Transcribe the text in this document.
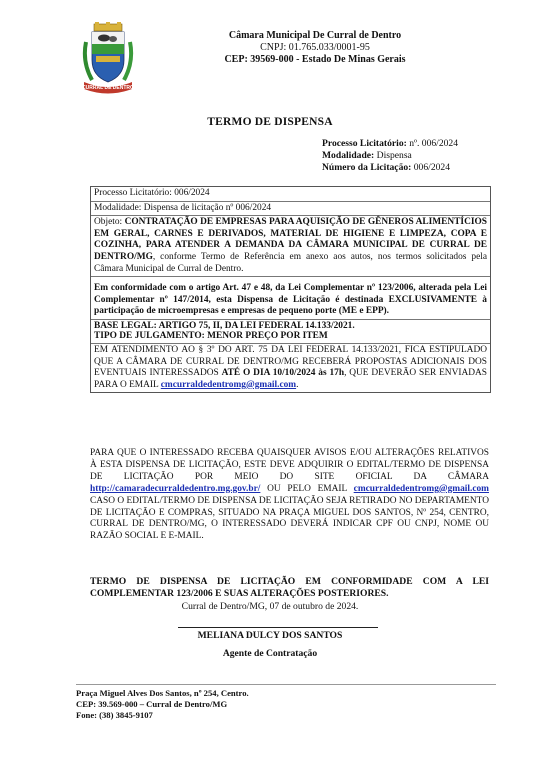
CURRAL DE DENTRO
Câmara Municipal De Curral de Dentro
CNPJ: 01.765.033/0001-95
CEP: 39569-000 - Estado De Minas Gerais
TERMO DE DISPENSA
Processo Licitatório: nº. 006/2024
Modalidade: Dispensa
Número da Licitação: 006/2024
Processo Licitatório: 006/2024
Modalidade: Dispensa de licitação nº 006/2024
Objeto: CONTRATAÇÃO DE EMPRESAS PARA AQUISIÇÃO DE GÊNEROS ALIMENTÍCIOS EM GERAL, CARNES E DERIVADOS, MATERIAL DE HIGIENE E LIMPEZA, COPA E COZINHA, PARA ATENDER A DEMANDA DA CÂMARA MUNICIPAL DE CURRAL DE DENTRO/MG, conforme Termo de Referência em anexo aos autos, nos termos solicitados pela Câmara Municipal de Curral de Dentro.
Em conformidade com o artigo Art. 47 e 48, da Lei Complementar nº 123/2006, alterada pela Lei Complementar nº 147/2014, esta Dispensa de Licitação é destinada EXCLUSIVAMENTE à participação de microempresas e empresas de pequeno porte (ME e EPP).
BASE LEGAL: ARTIGO 75, II, DA LEI FEDERAL 14.133/2021.
TIPO DE JULGAMENTO: MENOR PREÇO POR ITEM
EM ATENDIMENTO AO § 3º DO ART. 75 DA LEI FEDERAL 14.133/2021, FICA ESTIPULADO QUE A CÂMARA DE CURRAL DE DENTRO/MG RECEBERÁ PROPOSTAS ADICIONAIS DOS EVENTUAIS INTERESSADOS ATÉ O DIA 10/10/2024 às 17h, QUE DEVERÃO SER ENVIADAS PARA O EMAIL cmcurraldedentromg@gmail.com.
PARA QUE O INTERESSADO RECEBA QUAISQUER AVISOS E/OU ALTERAÇÕES RELATIVOS À ESTA DISPENSA DE LICITAÇÃO, ESTE DEVE ADQUIRIR O EDITAL/TERMO DE DISPENSA DE LICITAÇÃO POR MEIO DO SITE OFICIAL DA CÂMARA http://camaradecurraldedentro.mg.gov.br/ OU PELO EMAIL cmcurraldedentromg@gmail.com CASO O EDITAL/TERMO DE DISPENSA DE LICITAÇÃO SEJA RETIRADO NO DEPARTAMENTO DE LICITAÇÃO E COMPRAS, SITUADO NA PRAÇA MIGUEL DOS SANTOS, Nº 254, CENTRO, CURRAL DE DENTRO/MG, O INTERESSADO DEVERÁ INDICAR CPF OU CNPJ, NOME OU RAZÃO SOCIAL E E-MAIL.
TERMO DE DISPENSA DE LICITAÇÃO EM CONFORMIDADE COM A LEI COMPLEMENTAR 123/2006 E SUAS ALTERAÇÕES POSTERIORES.
Curral de Dentro/MG, 07 de outubro de 2024.
MELIANA DULCY DOS SANTOS
Agente de Contratação
Praça Miguel Alves Dos Santos, nº 254, Centro.
CEP: 39.569-000 – Curral de Dentro/MG
Fone: (38) 3845-9107
